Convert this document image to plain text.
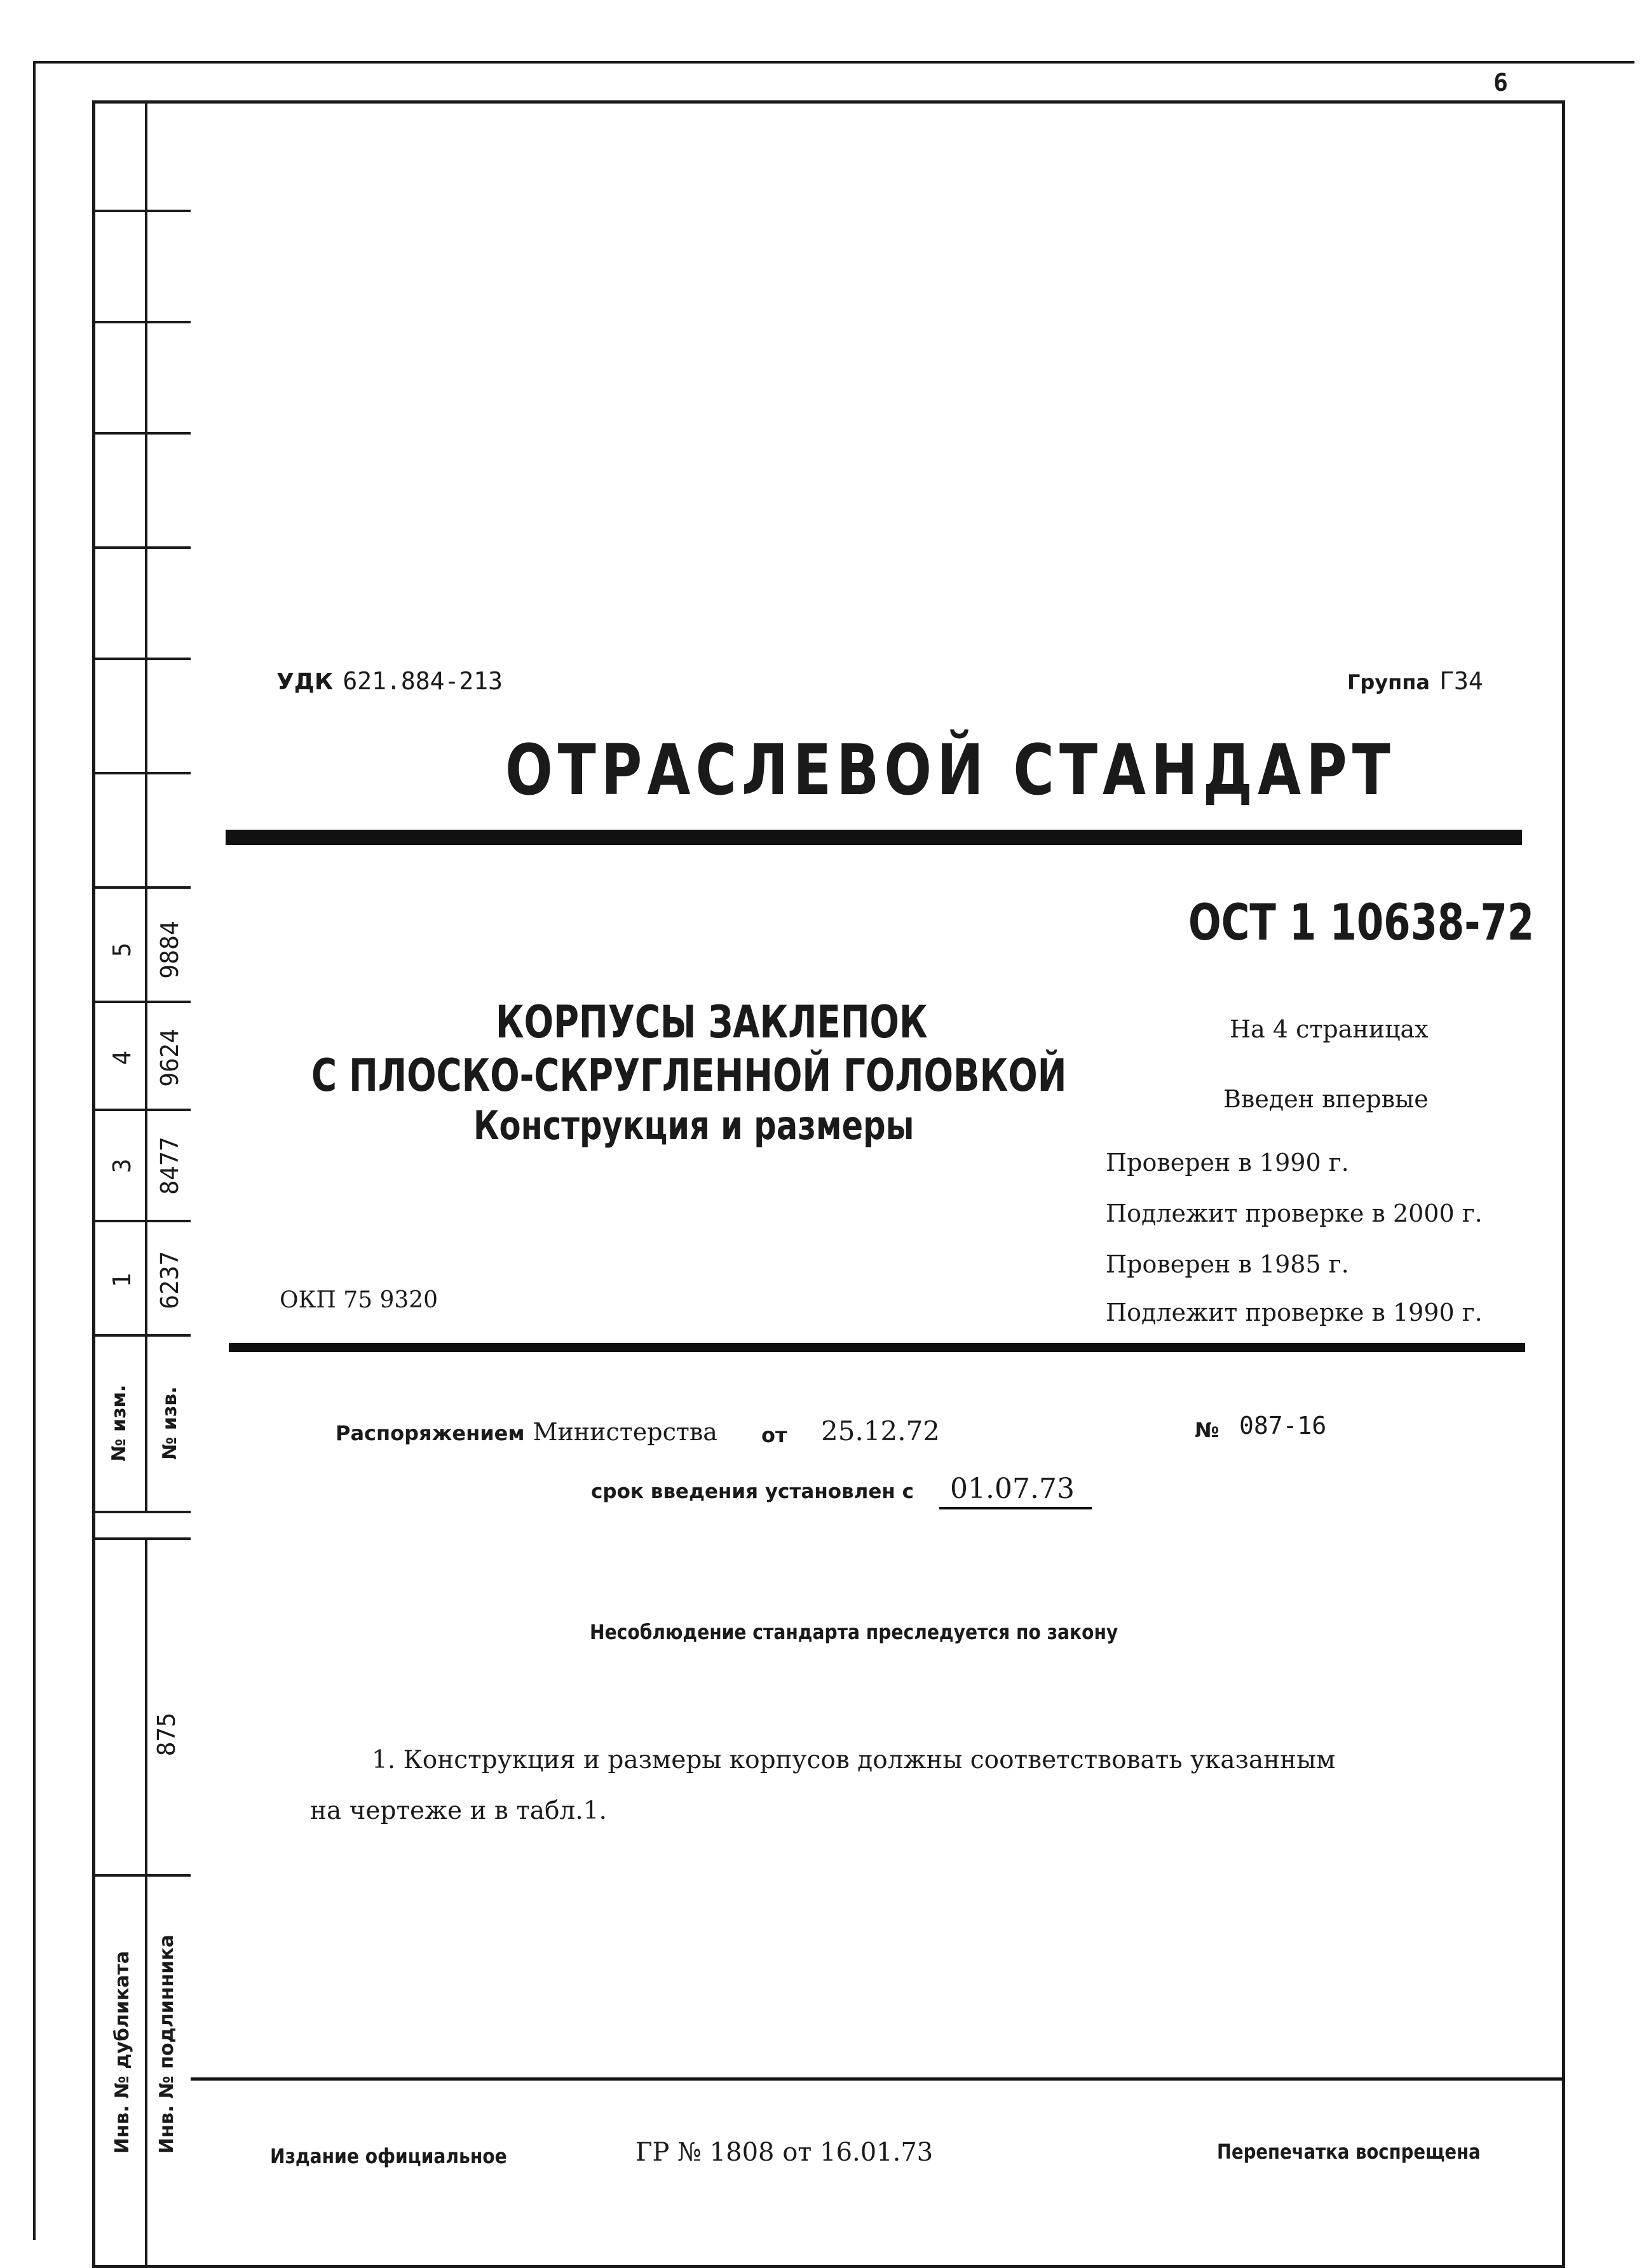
6
5 9884
4 9624
3 8477
1 6237
№ изм. № изв.
875
Инв. № дубликата Инв. № подлинника
УДК 621.884-213	Группа Г34
ОТРАСЛЕВОЙ СТАНДАРТ
ОСТ 1 10638-72
КОРПУСЫ ЗАКЛЕПОК
С ПЛОСКО-СКРУГЛЕННОЙ ГОЛОВКОЙ
Конструкция и размеры
На 4 страницах
Введен впервые
Проверен в 1990 г.
Подлежит проверке в 2000 г.
Проверен в 1985 г.
Подлежит проверке в 1990 г.
ОКП 75 9320
Распоряжением Министерства от 25.12.72	№ 087-16
срок введения установлен с 01.07.73
Несоблюдение стандарта преследуется по закону
1. Конструкция и размеры корпусов должны соответствовать указанным
на чертеже и в табл.1.
Издание официальное	ГР № 1808 от 16.01.73	Перепечатка воспрещена
